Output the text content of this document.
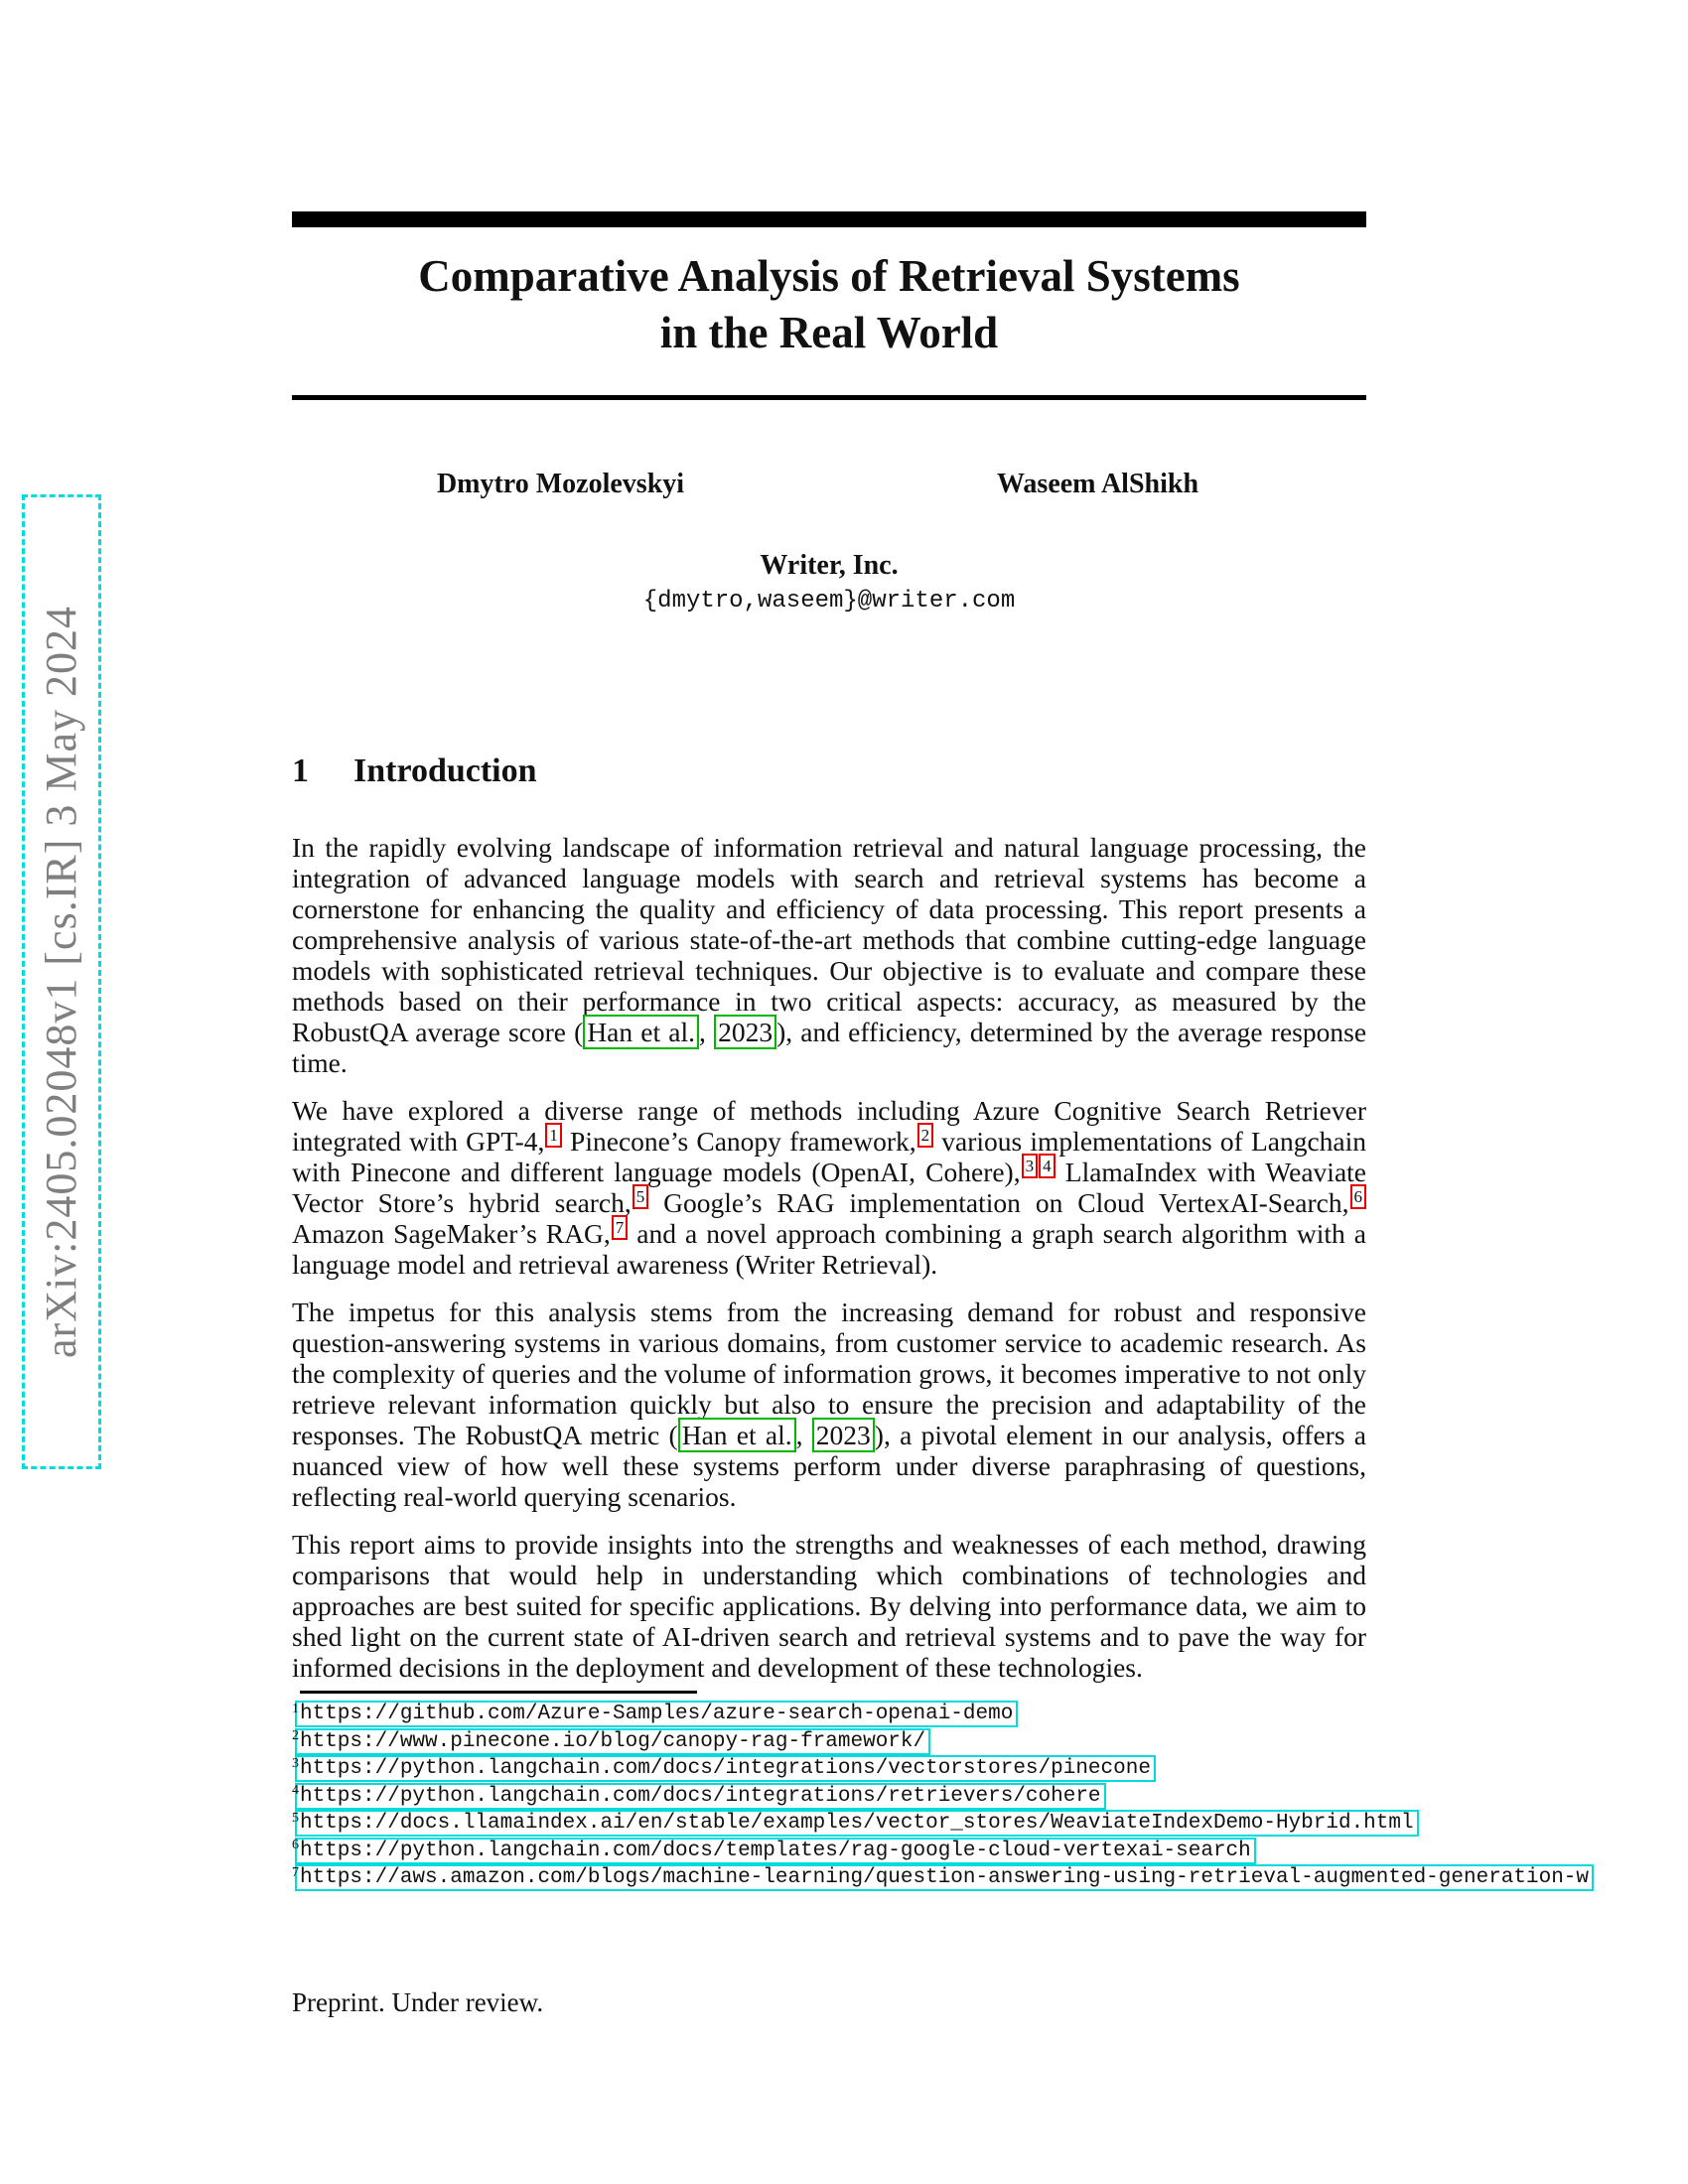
arXiv:2405.02048v1 [cs.IR] 3 May 2024
Comparative Analysis of Retrieval Systems
in the Real World
Dmytro Mozolevskyi	Waseem AlShikh
Writer, Inc.
{dmytro,waseem}@writer.com
1 Introduction
In the rapidly evolving landscape of information retrieval and natural language processing, the integration of advanced language models with search and retrieval systems has become a cornerstone for enhancing the quality and efficiency of data processing. This report presents a comprehensive analysis of various state-of-the-art methods that combine cutting-edge language models with sophisticated retrieval techniques. Our objective is to evaluate and compare these methods based on their performance in two critical aspects: accuracy, as measured by the RobustQA average score ( Han et al. , 2023 ), and efficiency, determined by the average response time.
We have explored a diverse range of methods including Azure Cognitive Search Retriever integrated with GPT-4, $^1$ Pinecone’s Canopy framework, $^2$ various implementations of Langchain with Pinecone and different language models (OpenAI, Cohere), $^3$ $^4$ LlamaIndex with Weaviate Vector Store’s hybrid search, $^5$ Google’s RAG implementation on Cloud VertexAI-Search, $^6$ Amazon SageMaker’s RAG, $^7$ and a novel approach combining a graph search algorithm with a language model and retrieval awareness (Writer Retrieval).
The impetus for this analysis stems from the increasing demand for robust and responsive question-answering systems in various domains, from customer service to academic research. As the complexity of queries and the volume of information grows, it becomes imperative to not only retrieve relevant information quickly but also to ensure the precision and adaptability of the responses. The RobustQA metric ( Han et al. , 2023 ), a pivotal element in our analysis, offers a nuanced view of how well these systems perform under diverse paraphrasing of questions, reflecting real-world querying scenarios.
This report aims to provide insights into the strengths and weaknesses of each method, drawing comparisons that would help in understanding which combinations of technologies and approaches are best suited for specific applications. By delving into performance data, we aim to shed light on the current state of AI-driven search and retrieval systems and to pave the way for informed decisions in the deployment and development of these technologies.
$^1$https://github.com/Azure-Samples/azure-search-openai-demo
$^2$https://www.pinecone.io/blog/canopy-rag-framework/
$^3$https://python.langchain.com/docs/integrations/vectorstores/pinecone
$^4$https://python.langchain.com/docs/integrations/retrievers/cohere
$^5$https://docs.llamaindex.ai/en/stable/examples/vector_stores/WeaviateIndexDemo-Hybrid.html
$^6$https://python.langchain.com/docs/templates/rag-google-cloud-vertexai-search
$^7$https://aws.amazon.com/blogs/machine-learning/question-answering-using-retrieval-augmented-generation-w
Preprint. Under review.
